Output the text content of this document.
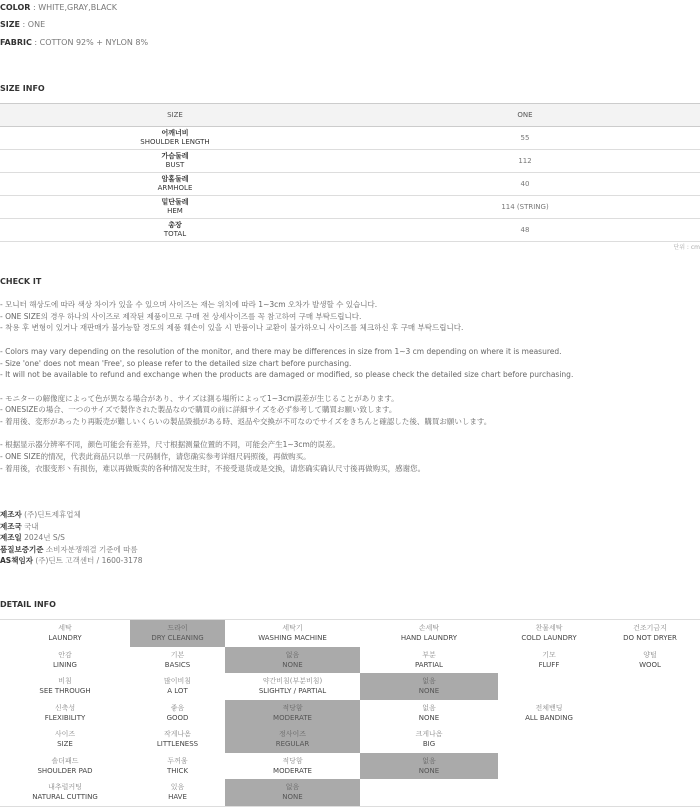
COLOR : WHITE,GRAY,BLACK
SIZE : ONE
FABRIC : COTTON 92% + NYLON 8%
SIZE INFO
SIZE	ONE

어깨너비
SHOULDER LENGTH	55

가슴둘레
BUST	112

암홀둘레
ARMHOLE	40

밑단둘레
HEM	114 (STRING)

총장
TOTAL	48
단위 : cm
CHECK IT

- 모니터 해상도에 따라 색상 차이가 있을 수 있으며 사이즈는 재는 위치에 따라 1~3cm 오차가 발생할 수 있습니다.

- ONE SIZE의 경우 하나의 사이즈로 제작된 제품이므로 구매 전 상세사이즈를 꼭 참고하여 구매 부탁드립니다.

- 착용 후 변형이 있거나 재판매가 불가능할 경도의 제품 훼손이 있을 시 반품이나 교환이 불가하오니 사이즈를 체크하신 후 구매 부탁드립니다.

- Colors may vary depending on the resolution of the monitor, and there may be differences in size from 1~3 cm depending on where it is measured.

- Size 'one' does not mean 'Free', so please refer to the detailed size chart before purchasing.

- It will not be available to refund and exchange when the products are damaged or modified, so please check the detailed size chart before purchasing.

- モニターの解像度によって色が異なる場合があり、サイズは測る場所によって1~3cm誤差が生じることがあります。

- ONESIZEの場合、一つのサイズで製作された製品なので購買の前に詳細サイズを必ず参考して購買お願い致します。

- 着用後、変形があったり再販売が難しいくらいの製品毀損がある時、返品や交換が不可なのでサイズをきちんと確認した後、購買お願いします。

- 根据显示器分辨率不同，颜色可能会有差异，尺寸根据测量位置的不同，可能会产生1~3cm的误差。

- ONE SIZE的情况，代表此商品只以单一尺码制作，请您确实参考详细尺码照後，再做购买。

- 着用後，衣服变形丶有损伤，难以再做贩卖的各种情况发生时，不接受退货或是交换，请您确实确认尺寸後再做购买，感谢您。

제조자 (주)딘트제휴업체
제조국 국내
제조일 2024년 S/S
품질보증기준 소비자분쟁해결 기준에 따름
AS책임자 (주)딘트 고객센터 / 1600-3178
DETAIL INFO
세탁
LAUNDRY	드라이
DRY CLEANING	세탁기
WASHING MACHINE	손세탁
HAND LAUNDRY	찬물세탁
COLD LAUNDRY	건조기금지
DO NOT DRYER

안감
LINING	기본
BASICS	없음
NONE	부분
PARTIAL	기모
FLUFF	양털
WOOL

비침
SEE THROUGH	많이비침
A LOT	약간비침(부분비침)
SLIGHTLY / PARTIAL	없음
NONE		

신축성
FLEXIBILITY	좋음
GOOD	적당함
MODERATE	없음
NONE	전체밴딩
ALL BANDING	

사이즈
SIZE	작게나옴
LITTLENESS	정사이즈
REGULAR	크게나옴
BIG		

숄더패드
SHOULDER PAD	두꺼움
THICK	적당함
MODERATE	없음
NONE		

내추럴커팅
NATURAL CUTTING	있음
HAVE	없음
NONE			
